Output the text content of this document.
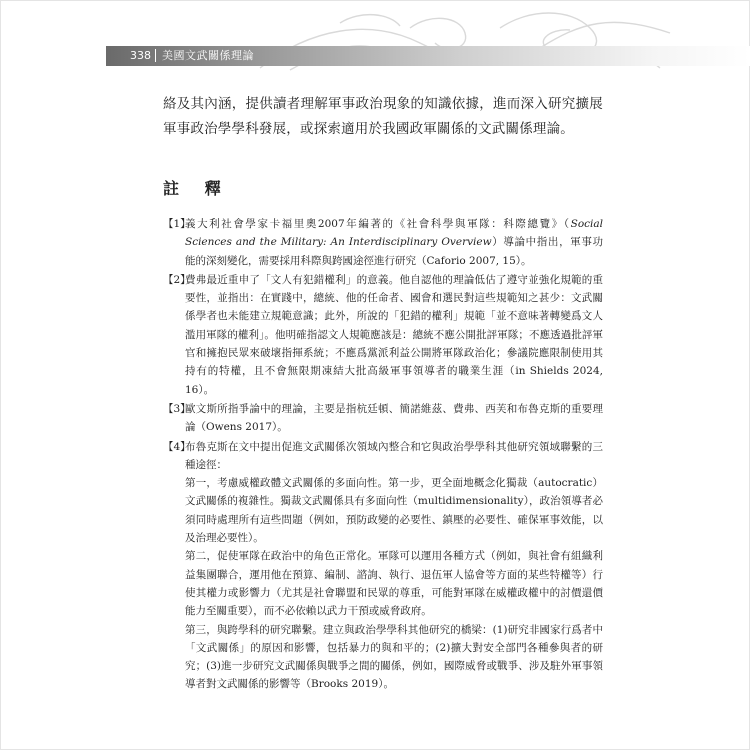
338 美國文武關係理論

絡及其內涵，提供讀者理解軍事政治現象的知識依據，進而深入研究擴展軍事政治學學科發展，或探索適用於我國政軍關係的文武關係理論。

註 釋
【1】
義大利社會學家卡福里奧2007年編著的《社會科學與軍隊：科際總覽》（Social Sciences and the Military: An Interdisciplinary Overview）導論中指出，軍事功能的深刻變化，需要採用科際與跨國途徑進行研究（Caforio 2007, 15）。
【2】
費弗最近重申了「文人有犯錯權利」的意義。他自認他的理論低估了遵守並強化規範的重要性，並指出：在實踐中，總統、他的任命者、國會和選民對這些規範知之甚少：文武關係學者也未能建立規範意識；此外，所說的「犯錯的權利」規範「並不意味著轉變爲文人濫用軍隊的權利」。他明確指認文人規範應該是：總統不應公開批評軍隊；不應透過批評軍官和擁抱民眾來破壞指揮系統；不應爲黨派利益公開將軍隊政治化；參議院應限制使用其持有的特權，且不會無限期凍結大批高級軍事領導者的職業生涯（in Shields 2024, 16）。
【3】
歐文斯所指爭論中的理論，主要是指杭廷頓、簡諾維茲、費弗、西芙和布魯克斯的重要理論（Owens 2017）。
【4】
布魯克斯在文中提出促進文武關係次領域內整合和它與政治學學科其他研究領域聯繫的三種途徑：
第一，考慮威權政體文武關係的多面向性。第一步，更全面地概念化獨裁（autocratic）文武關係的複雜性。獨裁文武關係具有多面向性（multidimensionality），政治領導者必須同時處理所有這些問題（例如，預防政變的必要性、鎮壓的必要性、確保軍事效能，以及治理必要性）。
第二，促使軍隊在政治中的角色正常化。軍隊可以運用各種方式（例如，與社會有組織利益集團聯合，運用他在預算、編制、諮詢、執行、退伍軍人協會等方面的某些特權等）行使其權力或影響力（尤其是社會聯盟和民眾的尊重，可能對軍隊在威權政權中的討價還價能力至關重要），而不必依賴以武力干預或威脅政府。
第三，與跨學科的研究聯繫。建立與政治學學科其他研究的橋梁：(1)研究非國家行爲者中「文武關係」的原因和影響，包括暴力的與和平的；(2)擴大對安全部門各種參與者的研究；(3)進一步研究文武關係與戰爭之間的關係，例如，國際威脅或戰爭、涉及駐外軍事領導者對文武關係的影響等（Brooks 2019）。
